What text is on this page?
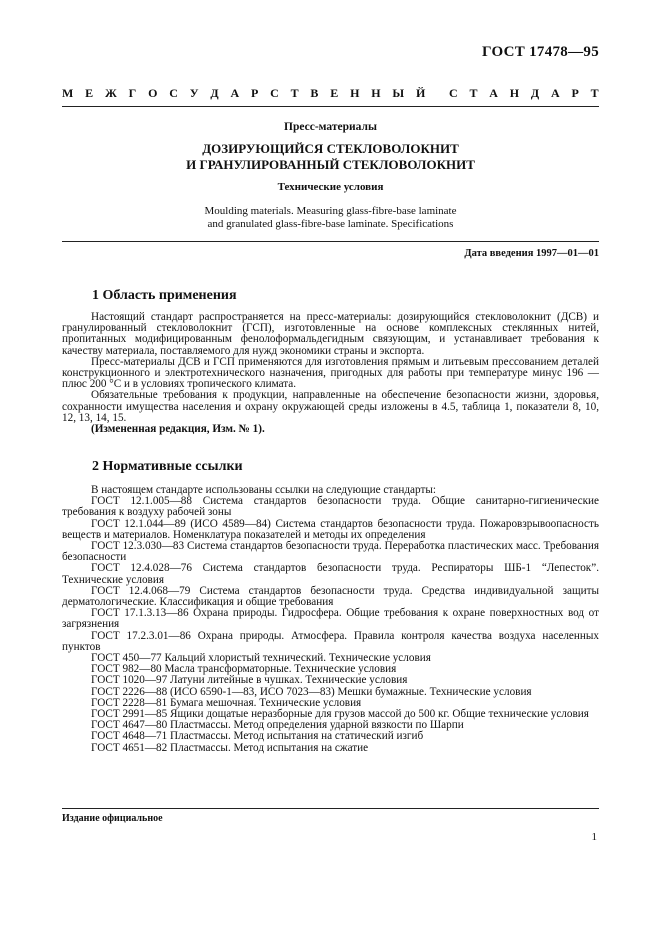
ГОСТ 17478—95
М Е Ж Г О С У Д А Р С Т В Е Н Н Ы Й С Т А Н Д А Р Т
Пресс-материалы
ДОЗИРУЮЩИЙСЯ СТЕКЛОВОЛОКНИТ
И ГРАНУЛИРОВАННЫЙ СТЕКЛОВОЛОКНИТ
Технические условия
Moulding materials. Measuring glass-fibre-base laminate
and granulated glass-fibre-base laminate. Specifications
Дата введения 1997—01—01
1 Область применения

Настоящий стандарт распространяется на пресс-материалы: дозирующийся стекловолокнит (ДСВ) и гранулированный стекловолокнит (ГСП), изготовленные на основе комплексных стеклянных нитей, пропитанных модифицированным фенолоформальдегидным связующим, и устанавливает требования к качеству материала, поставляемого для нужд экономики страны и экспорта.

Пресс-материалы ДСВ и ГСП применяются для изготовления прямым и литьевым прессованием деталей конструкционного и электротехнического назначения, пригодных для работы при температуре минус 196 — плюс 200 °С и в условиях тропического климата.

Обязательные требования к продукции, направленные на обеспечение безопасности жизни, здоровья, сохранности имущества населения и охрану окружающей среды изложены в 4.5, таблица 1, показатели 8, 10, 12, 13, 14, 15.

(Измененная редакция, Изм. № 1).

2 Нормативные ссылки

В настоящем стандарте использованы ссылки на следующие стандарты:

ГОСТ 12.1.005—88 Система стандартов безопасности труда. Общие санитарно-гигиенические требования к воздуху рабочей зоны

ГОСТ 12.1.044—89 (ИСО 4589—84) Система стандартов безопасности труда. Пожаровзрывоопасность веществ и материалов. Номенклатура показателей и методы их определения

ГОСТ 12.3.030—83 Система стандартов безопасности труда. Переработка пластических масс. Требования безопасности

ГОСТ 12.4.028—76 Система стандартов безопасности труда. Респираторы ШБ-1 “Лепесток”. Технические условия

ГОСТ 12.4.068—79 Система стандартов безопасности труда. Средства индивидуальной защиты дерматологические. Классификация и общие требования

ГОСТ 17.1.3.13—86 Охрана природы. Гидросфера. Общие требования к охране поверхностных вод от загрязнения

ГОСТ 17.2.3.01—86 Охрана природы. Атмосфера. Правила контроля качества воздуха населенных пунктов

ГОСТ 450—77 Кальций хлористый технический. Технические условия

ГОСТ 982—80 Масла трансформаторные. Технические условия

ГОСТ 1020—97 Латуни литейные в чушках. Технические условия

ГОСТ 2226—88 (ИСО 6590-1—83, ИСО 7023—83) Мешки бумажные. Технические условия

ГОСТ 2228—81 Бумага мешочная. Технические условия

ГОСТ 2991—85 Ящики дощатые неразборные для грузов массой до 500 кг. Общие технические условия

ГОСТ 4647—80 Пластмассы. Метод определения ударной вязкости по Шарпи

ГОСТ 4648—71 Пластмассы. Метод испытания на статический изгиб

ГОСТ 4651—82 Пластмассы. Метод испытания на сжатие

Издание официальное
1
